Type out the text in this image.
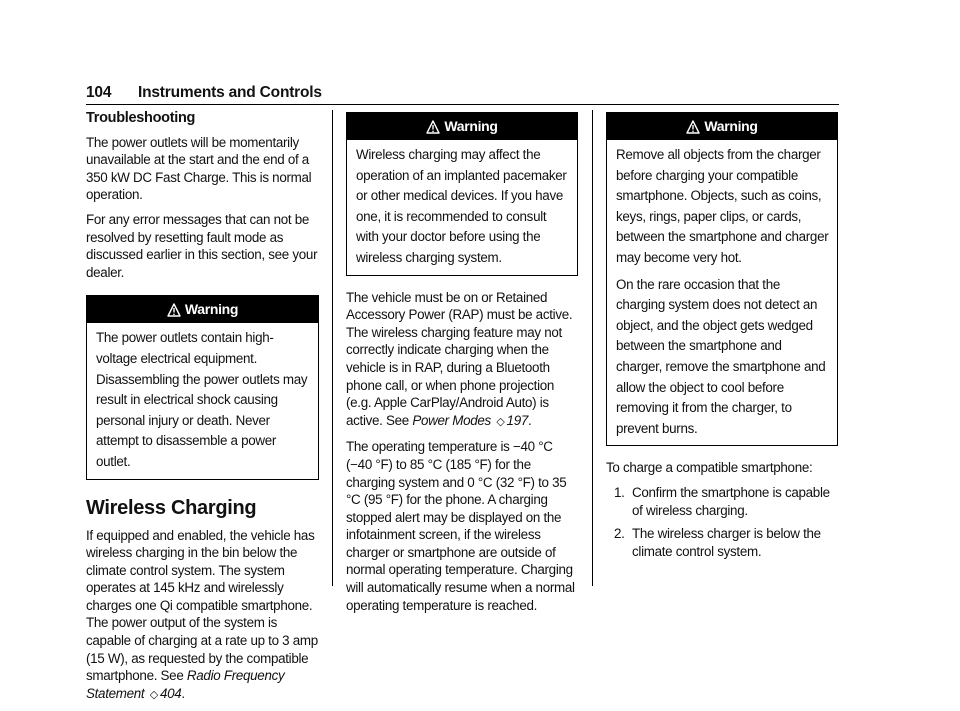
104 Instruments and Controls
Troubleshooting

The power outlets will be momentarily unavailable at the start and the end of a 350 kW DC Fast Charge. This is normal operation.

For any error messages that can not be resolved by resetting fault mode as discussed earlier in this section, see your dealer.

Warning

The power outlets contain high-voltage electrical equipment. Disassembling the power outlets may result in electrical shock causing personal injury or death. Never attempt to disassemble a power outlet.

Wireless Charging

If equipped and enabled, the vehicle has wireless charging in the bin below the climate control system. The system operates at 145 kHz and wirelessly charges one Qi compatible smartphone. The power output of the system is capable of charging at a rate up to 3 amp (15 W), as requested by the compatible smartphone. See Radio Frequency Statement ◇ 404.

Warning

Wireless charging may affect the operation of an implanted pacemaker or other medical devices. If you have one, it is recommended to consult with your doctor before using the wireless charging system.

The vehicle must be on or Retained Accessory Power (RAP) must be active. The wireless charging feature may not correctly indicate charging when the vehicle is in RAP, during a Bluetooth phone call, or when phone projection (e.g. Apple CarPlay/Android Auto) is active. See Power Modes ◇ 197.

The operating temperature is −40 °C (−40 °F) to 85 °C (185 °F) for the charging system and 0 °C (32 °F) to 35 °C (95 °F) for the phone. A charging stopped alert may be displayed on the infotainment screen, if the wireless charger or smartphone are outside of normal operating temperature. Charging will automatically resume when a normal operating temperature is reached.

Warning

Remove all objects from the charger before charging your compatible smartphone. Objects, such as coins, keys, rings, paper clips, or cards, between the smartphone and charger may become very hot.

On the rare occasion that the charging system does not detect an object, and the object gets wedged between the smartphone and charger, remove the smartphone and allow the object to cool before removing it from the charger, to prevent burns.

To charge a compatible smartphone:

1. Confirm the smartphone is capable of wireless charging.
2. The wireless charger is below the climate control system.
